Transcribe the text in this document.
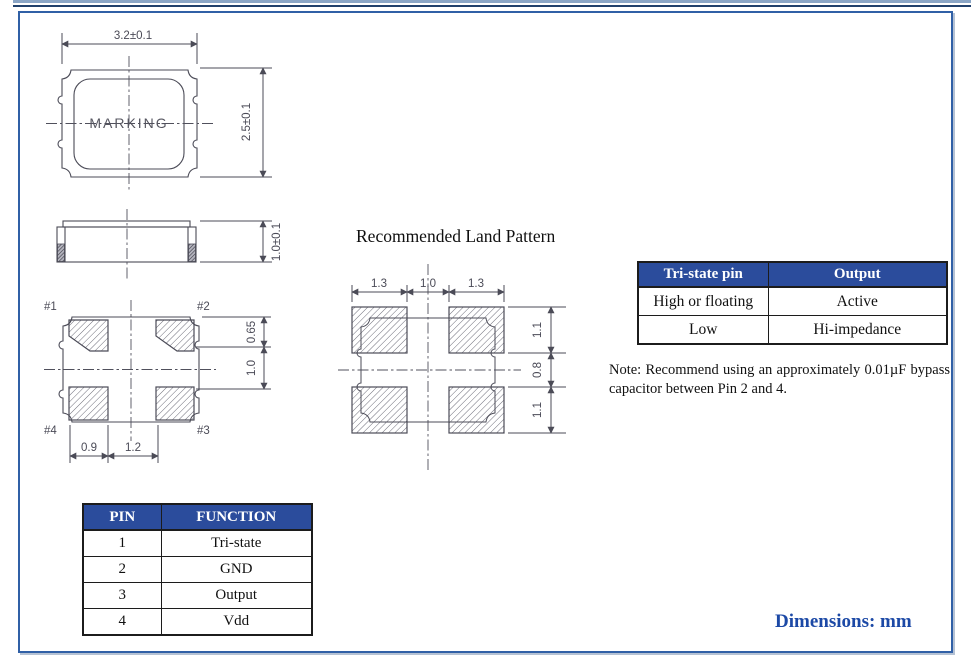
MARKING
3.2±0.1
2.5±0.1
1.0±0.1
#1	#2
#4	#3
0.65
1.0
0.9 1.2
1.3	1.0	1.3
1.1
0.8
1.1
Recommended Land Pattern
Tri-state pin	Output
High or floating	Active
Low	Hi-impedance
Note: Recommend using an approximately 0.01µF bypass capacitor between Pin 2 and 4.
PIN	FUNCTION
1	Tri-state
2	GND
3	Output
4	Vdd	Dimensions: mm
